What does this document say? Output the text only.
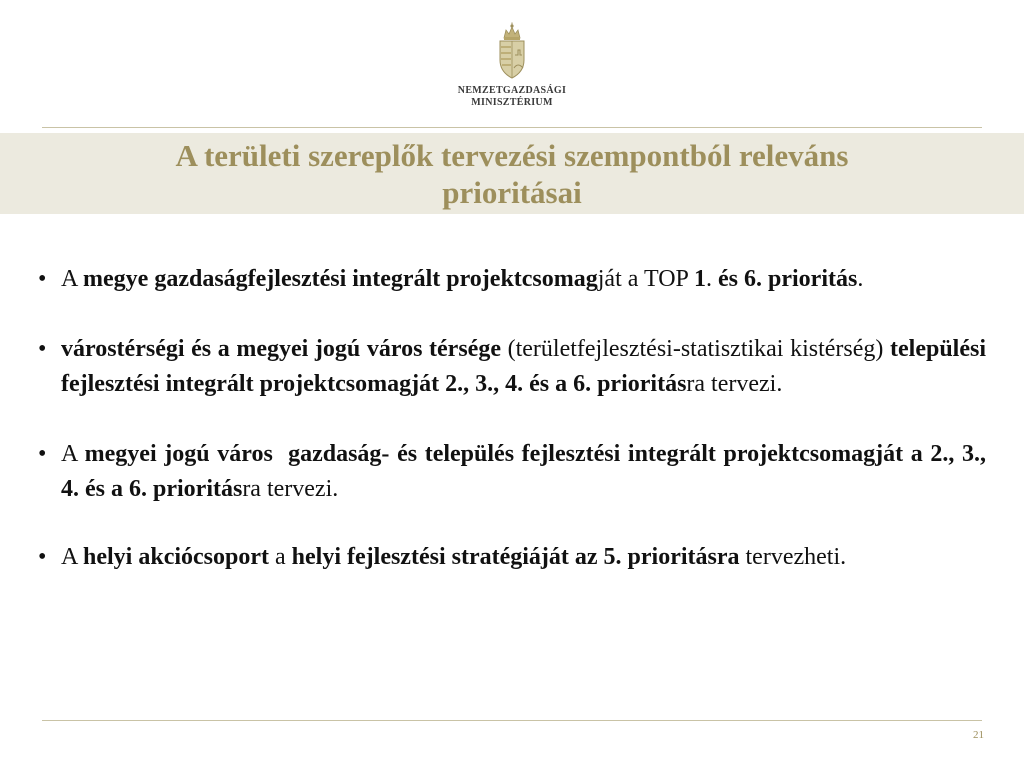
NEMZETGAZDASÁGI
MINISZTÉRIUM
A területi szereplők tervezési szempontból releváns
prioritásai
• A megye gazdaságfejlesztési integrált projektcsomagját a TOP 1. és 6. prioritás.
• várostérségi és a megyei jogú város térsége (területfejlesztési-statisztikai kistérség) települési fejlesztési integrált projektcsomagját 2., 3., 4. és a 6. prioritásra tervezi.
• A megyei jogú város  gazdaság- és település fejlesztési integrált projektcsomagját a 2., 3., 4. és a 6. prioritásra tervezi.
• A helyi akciócsoport a helyi fejlesztési stratégiáját az 5. prioritásra tervezheti.
21
